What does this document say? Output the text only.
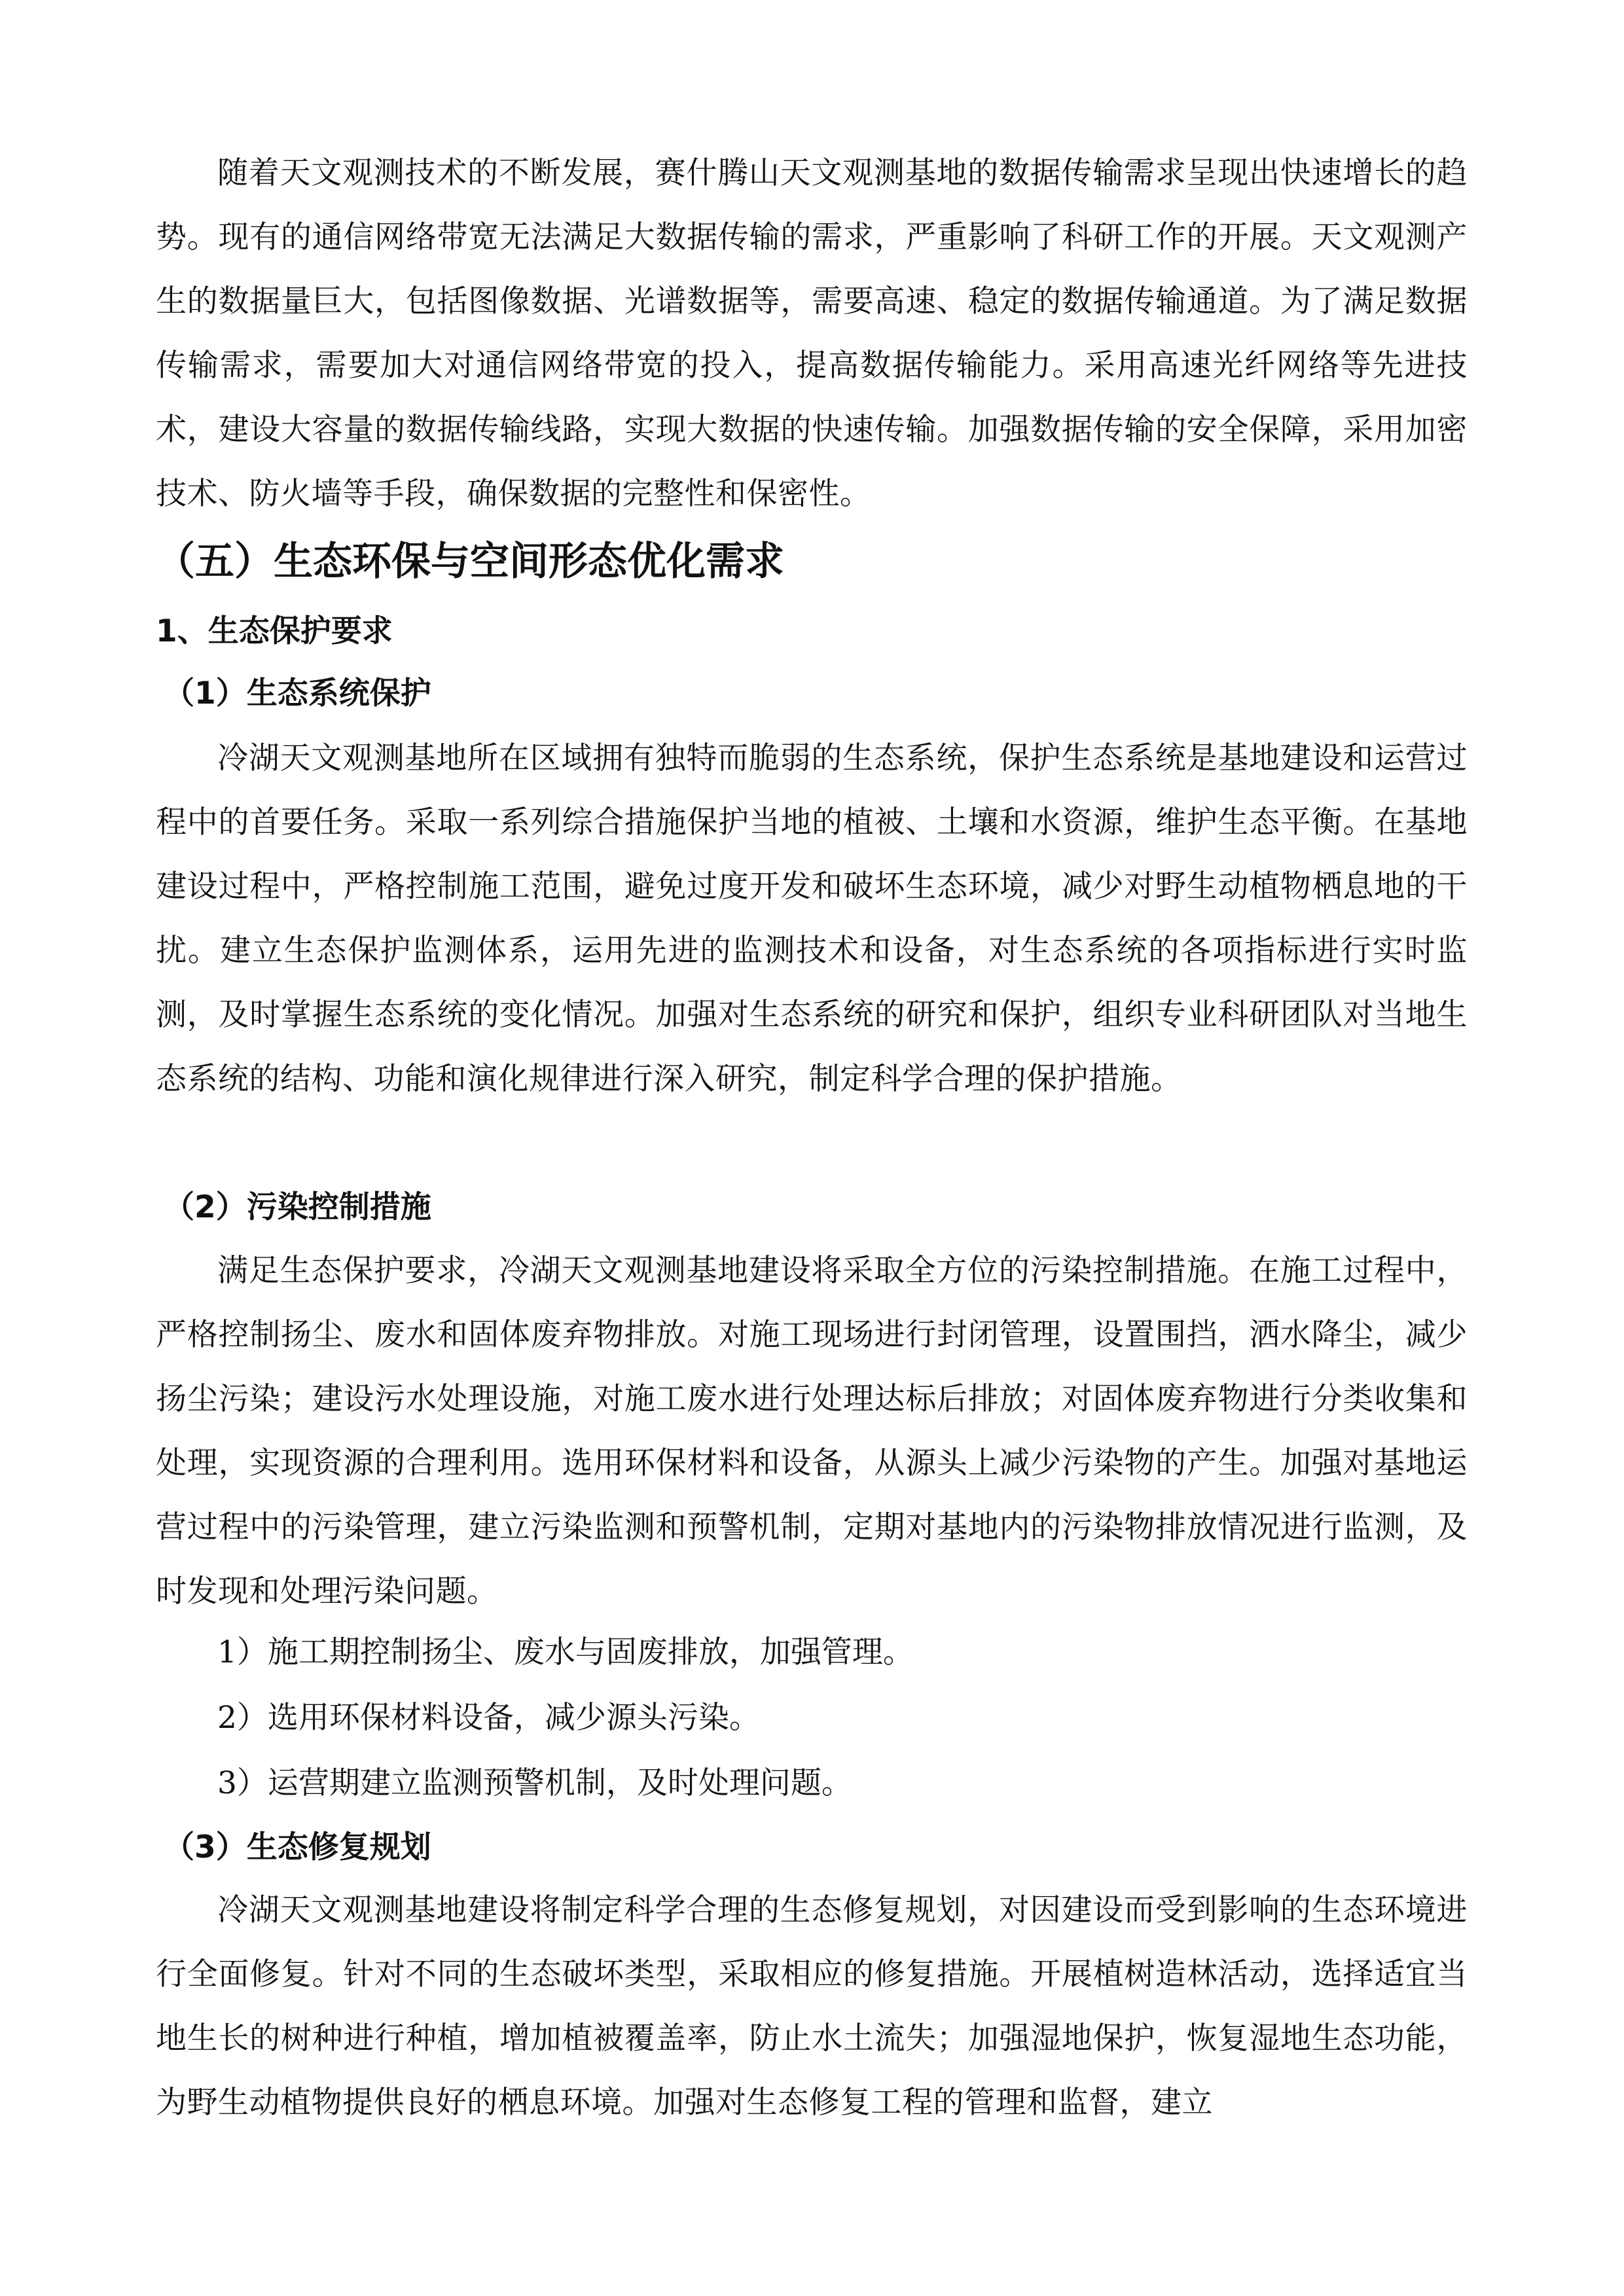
随着天文观测技术的不断发展，赛什腾山天文观测基地的数据传输需求呈现出快速增长的趋势。现有的通信网络带宽无法满足大数据传输的需求，严重影响了科研工作的开展。天文观测产生的数据量巨大，包括图像数据、光谱数据等，需要高速、稳定的数据传输通道。为了满足数据传输需求，需要加大对通信网络带宽的投入，提高数据传输能力。采用高速光纤网络等先进技术，建设大容量的数据传输线路，实现大数据的快速传输。加强数据传输的安全保障，采用加密技术、防火墙等手段，确保数据的完整性和保密性。

（五）生态环保与空间形态优化需求
1、生态保护要求
（1）生态系统保护

冷湖天文观测基地所在区域拥有独特而脆弱的生态系统，保护生态系统是基地建设和运营过程中的首要任务。采取一系列综合措施保护当地的植被、土壤和水资源，维护生态平衡。在基地建设过程中，严格控制施工范围，避免过度开发和破坏生态环境，减少对野生动植物栖息地的干扰。建立生态保护监测体系，运用先进的监测技术和设备，对生态系统的各项指标进行实时监测，及时掌握生态系统的变化情况。加强对生态系统的研究和保护，组织专业科研团队对当地生态系统的结构、功能和演化规律进行深入研究，制定科学合理的保护措施。

（2）污染控制措施

满足生态保护要求，冷湖天文观测基地建设将采取全方位的污染控制措施。在施工过程中，严格控制扬尘、废水和固体废弃物排放。对施工现场进行封闭管理，设置围挡，洒水降尘，减少扬尘污染；建设污水处理设施，对施工废水进行处理达标后排放；对固体废弃物进行分类收集和处理，实现资源的合理利用。选用环保材料和设备，从源头上减少污染物的产生。加强对基地运营过程中的污染管理，建立污染监测和预警机制，定期对基地内的污染物排放情况进行监测，及时发现和处理污染问题。

1）施工期控制扬尘、废水与固废排放，加强管理。

2）选用环保材料设备，减少源头污染。

3）运营期建立监测预警机制，及时处理问题。

（3）生态修复规划

冷湖天文观测基地建设将制定科学合理的生态修复规划，对因建设而受到影响的生态环境进行全面修复。针对不同的生态破坏类型，采取相应的修复措施。开展植树造林活动，选择适宜当地生长的树种进行种植，增加植被覆盖率，防止水土流失；加强湿地保护，恢复湿地生态功能，为野生动植物提供良好的栖息环境。加强对生态修复工程的管理和监督，建立
